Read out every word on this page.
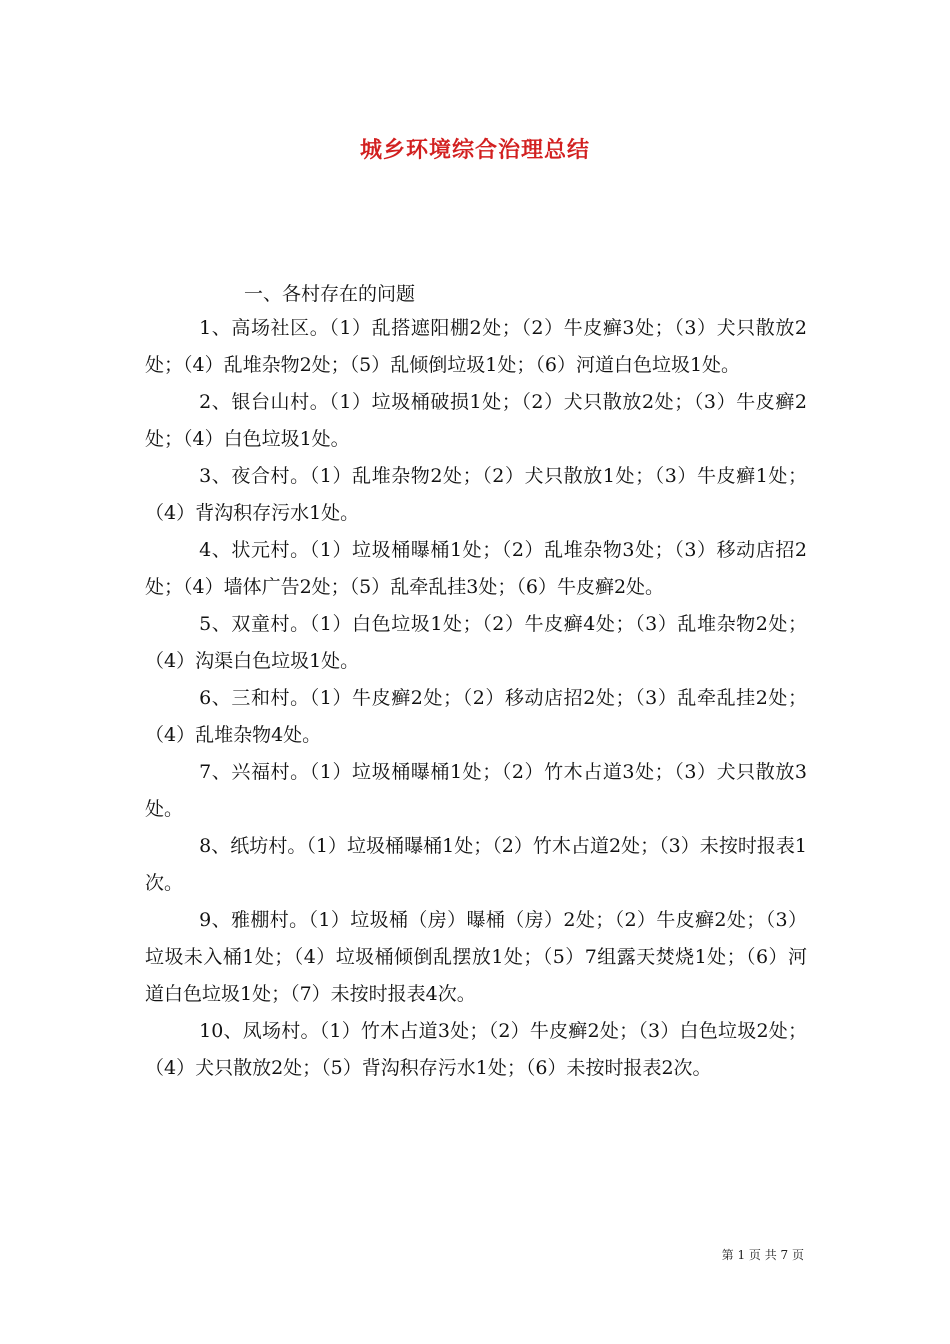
城乡环境综合治理总结
一、各村存在的问题

1、高场社区。（1）乱搭遮阳棚2处；（2）牛皮癣3处；（3）犬只散放2处；（4）乱堆杂物2处；（5）乱倾倒垃圾1处；（6）河道白色垃圾1处。

2、银台山村。（1）垃圾桶破损1处；（2）犬只散放2处；（3）牛皮癣2处；（4）白色垃圾1处。

3、夜合村。（1）乱堆杂物2处；（2）犬只散放1处；（3）牛皮癣1处；（4）背沟积存污水1处。

4、状元村。（1）垃圾桶曝桶1处；（2）乱堆杂物3处；（3）移动店招2处；（4）墙体广告2处；（5）乱牵乱挂3处；（6）牛皮癣2处。

5、双童村。（1）白色垃圾1处；（2）牛皮癣4处；（3）乱堆杂物2处；（4）沟渠白色垃圾1处。

6、三和村。（1）牛皮癣2处；（2）移动店招2处；（3）乱牵乱挂2处；（4）乱堆杂物4处。

7、兴福村。（1）垃圾桶曝桶1处；（2）竹木占道3处；（3）犬只散放3处。

8、纸坊村。（1）垃圾桶曝桶1处；（2）竹木占道2处；（3）未按时报表1次。

9、雅棚村。（1）垃圾桶（房）曝桶（房）2处；（2）牛皮癣2处；（3）垃圾未入桶1处；（4）垃圾桶倾倒乱摆放1处；（5）7组露天焚烧1处；（6）河道白色垃圾1处；（7）未按时报表4次。

10、凤场村。（1）竹木占道3处；（2）牛皮癣2处；（3）白色垃圾2处；（4）犬只散放2处；（5）背沟积存污水1处；（6）未按时报表2次。

第 1 页 共 7 页
